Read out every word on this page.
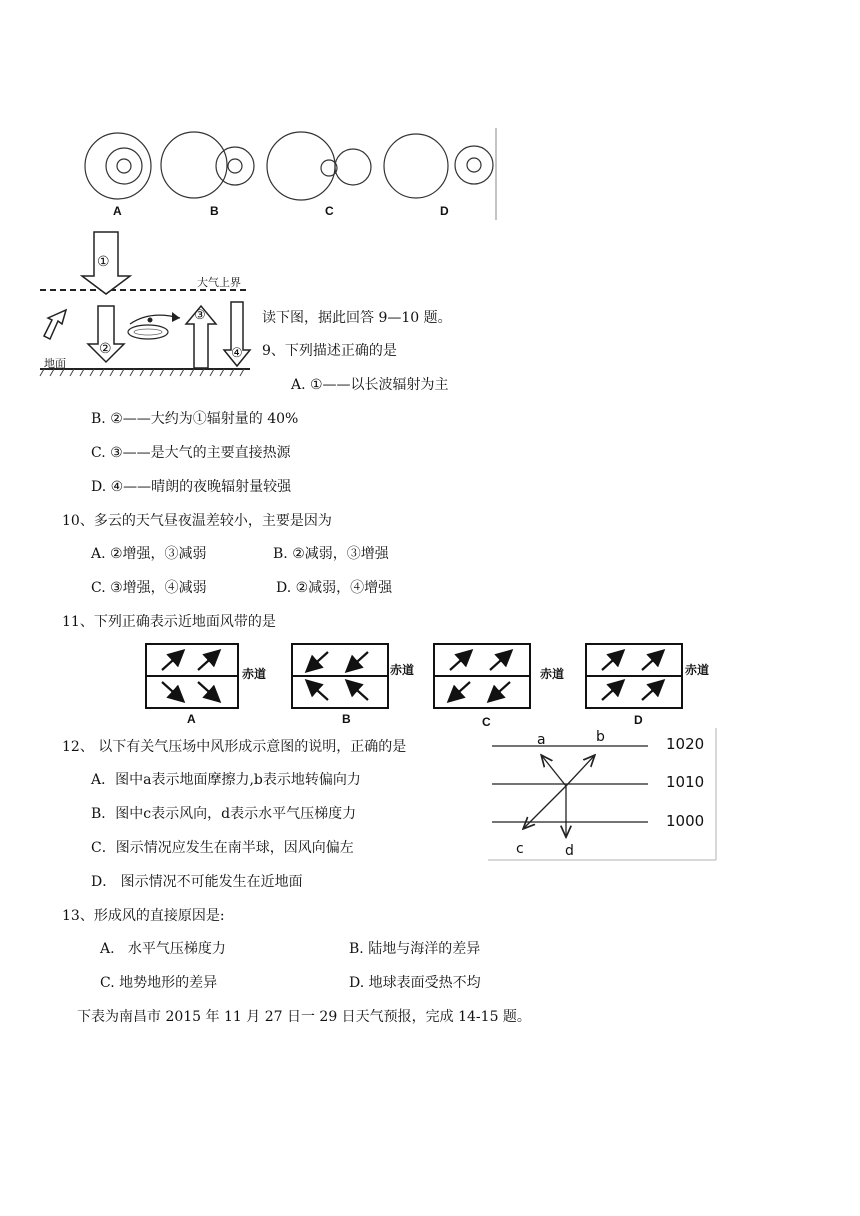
A	B	C	D
①
②
③
④
大气上界
地面
读下图，据此回答 9—10 题。
9、下列描述正确的是
A. ①——以长波辐射为主
B. ②——大约为①辐射量的 40%
C. ③——是大气的主要直接热源
D. ④——晴朗的夜晚辐射量较强
10、多云的天气昼夜温差较小，主要是因为
A. ②增强，③减弱	B. ②减弱，③增强
C. ③增强，④减弱	D. ②减弱，④增强
11、下列正确表示近地面风带的是
赤道	赤道	赤道	赤道
A	B	C	D
12、 以下有关气压场中风形成示意图的说明，正确的是
A．图中a表示地面摩擦力,b表示地转偏向力
B．图中c表示风向，d表示水平气压梯度力
C．图示情况应发生在南半球，因风向偏左
D． 图示情况不可能发生在近地面
a	b
c	d
1020
1010
1000
13、形成风的直接原因是:
A.   水平气压梯度力	B. 陆地与海洋的差异
C. 地势地形的差异	D. 地球表面受热不均
下表为南昌市 2015 年 11 月 27 日一 29 日天气预报，完成 14-15 题。
